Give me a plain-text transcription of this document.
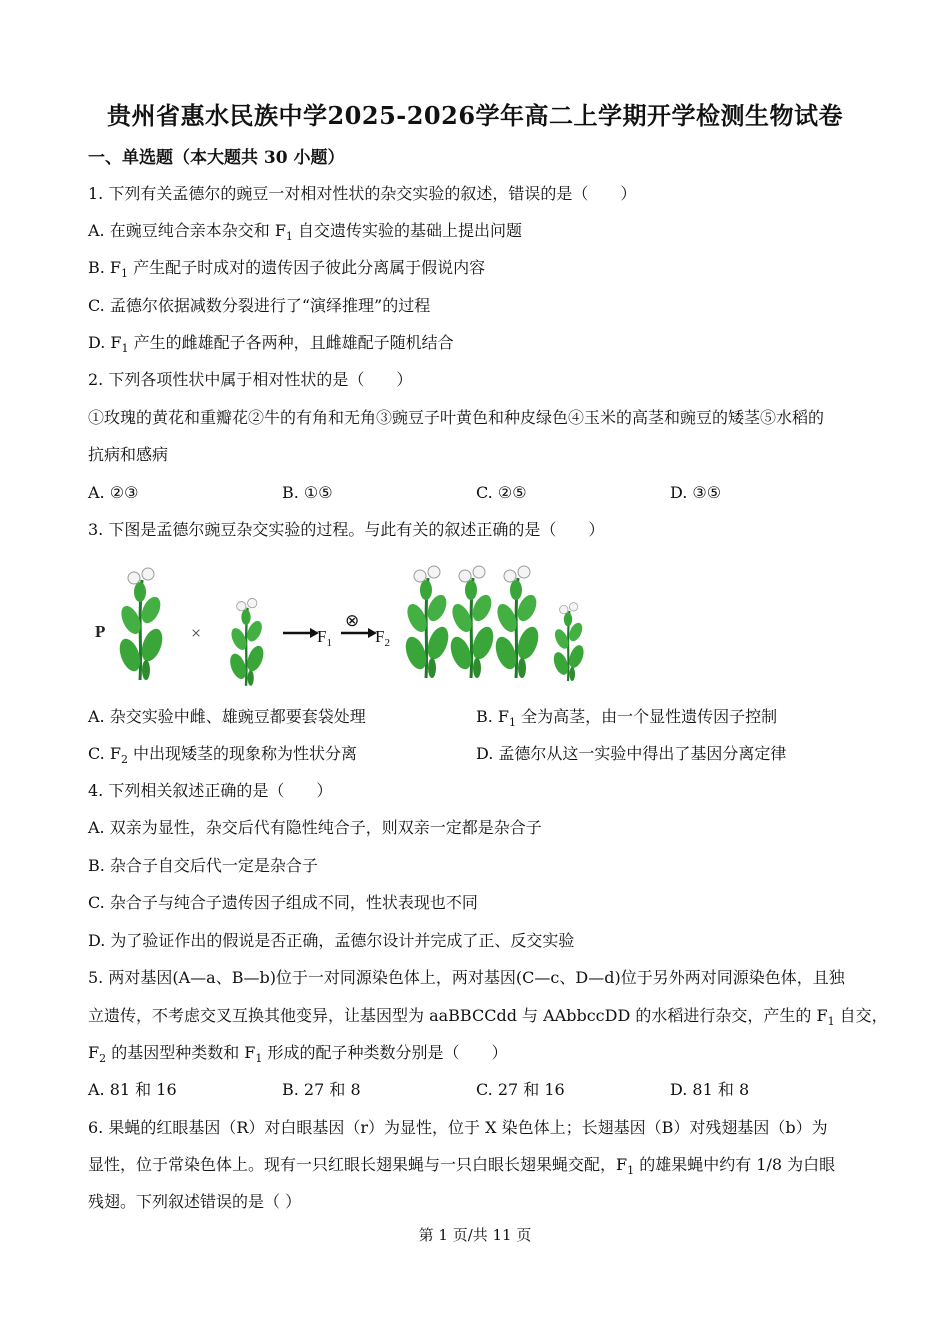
贵州省惠水民族中学2025-2026学年高二上学期开学检测生物试卷
一、单选题（本大题共 30 小题）
1. 下列有关孟德尔的豌豆一对相对性状的杂交实验的叙述，错误的是（　　）
A. 在豌豆纯合亲本杂交和 $F_1$ 自交遗传实验的基础上提出问题
B. $F_1$ 产生配子时成对的遗传因子彼此分离属于假说内容
C. 孟德尔依据减数分裂进行了“演绎推理”的过程
D. $F_1$ 产生的雌雄配子各两种，且雌雄配子随机结合
2. 下列各项性状中属于相对性状的是（　　）
①玫瑰的黄花和重瓣花②牛的有角和无角③豌豆子叶黄色和种皮绿色④玉米的高茎和豌豆的矮茎⑤水稻的
抗病和感病
A. ②③	B. ①⑤	C. ②⑤	D. ③⑤
3. 下图是孟德尔豌豆杂交实验的过程。与此有关的叙述正确的是（　　）
P	×	$F_1$
⊗
$F_2$
A. 杂交实验中雌、雄豌豆都要套袋处理	B. $F_1$ 全为高茎，由一个显性遗传因子控制
C. $F_2$ 中出现矮茎的现象称为性状分离	D. 孟德尔从这一实验中得出了基因分离定律
4. 下列相关叙述正确的是（　　）
A. 双亲为显性，杂交后代有隐性纯合子，则双亲一定都是杂合子
B. 杂合子自交后代一定是杂合子
C. 杂合子与纯合子遗传因子组成不同，性状表现也不同
D. 为了验证作出的假说是否正确，孟德尔设计并完成了正、反交实验
5. 两对基因(A—a、B—b)位于一对同源染色体上，两对基因(C—c、D—d)位于另外两对同源染色体，且独
立遗传，不考虑交叉互换其他变异，让基因型为 aaBBCCdd 与 AAbbccDD 的水稻进行杂交，产生的 $F_1$ 自交，
$F_2$ 的基因型种类数和 $F_1$ 形成的配子种类数分别是（　　）
A. 81 和 16	B. 27 和 8	C. 27 和 16	D. 81 和 8
6. 果蝇的红眼基因（R）对白眼基因（r）为显性，位于 X 染色体上；长翅基因（B）对残翅基因（b）为
显性，位于常染色体上。现有一只红眼长翅果蝇与一只白眼长翅果蝇交配，$F_1$ 的雄果蝇中约有 1/8 为白眼
残翅。下列叙述错误的是（ ）
第 1 页/共 11 页
